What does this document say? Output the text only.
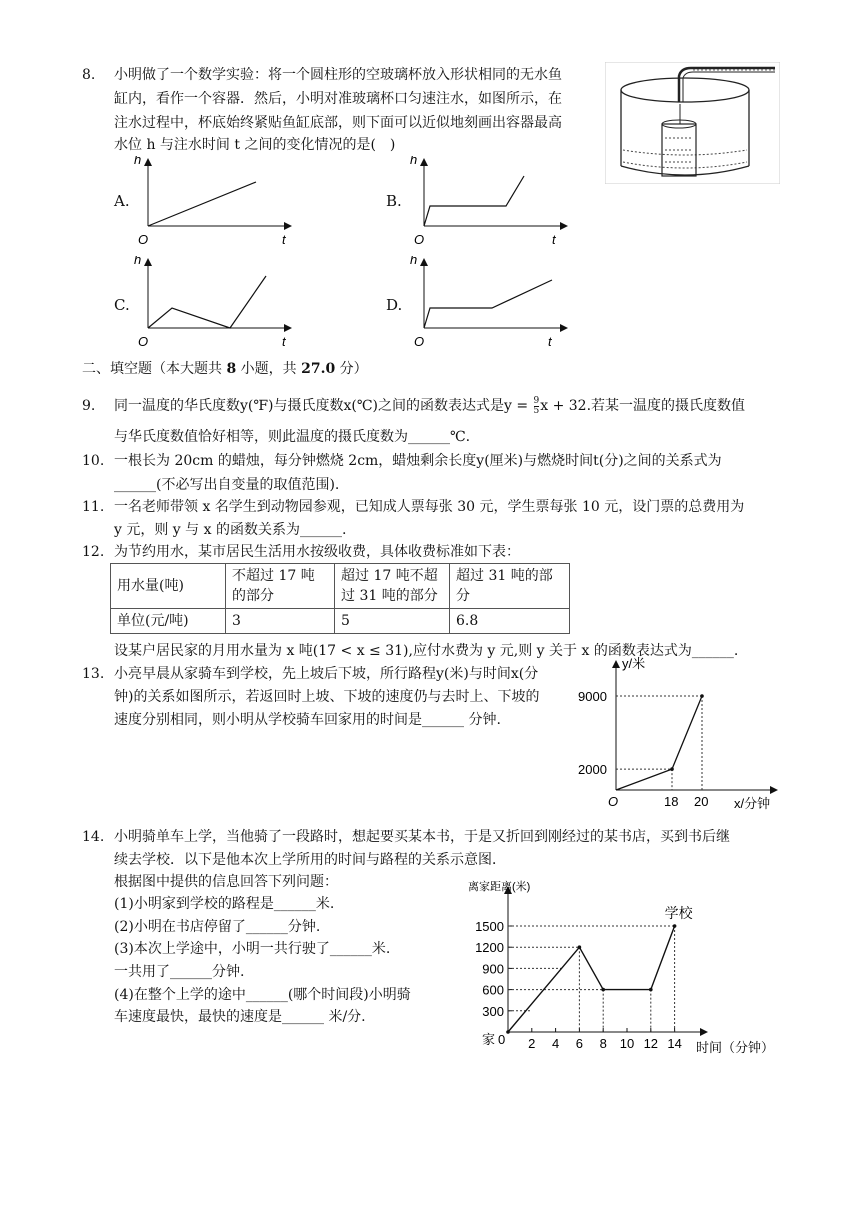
8. 小明做了一个数学实验：将一个圆柱形的空玻璃杯放入形状相同的无水鱼
缸内，看作一个容器．然后，小明对准玻璃杯口匀速注水，如图所示，在
注水过程中，杯底始终紧贴鱼缸底部，则下面可以近似地刻画出容器最高
水位 h 与注水时间 t 之间的变化情况的是(　)
A.
h
t
O
B.
h
t
O
C.
h
t
O
D.
h
t
O
二、填空题（本大题共 8 小题，共 27.0 分）
9. 同一温度的华氏度数y(℉)与摄氏度数x(℃)之间的函数表达式是$y = \frac{9}{5}$ x + 32.若某一温度的摄氏度数值
与华氏度数值恰好相等，则此温度的摄氏度数为______℃.
10. 一根长为 20cm 的蜡烛，每分钟燃烧 2cm，蜡烛剩余长度y(厘米)与燃烧时间t(分)之间的关系式为
______(不必写出自变量的取值范围).
11. 一名老师带领 x 名学生到动物园参观，已知成人票每张 30 元，学生票每张 10 元，设门票的总费用为
y 元，则 y 与 x 的函数关系为______.
12. 为节约用水，某市居民生活用水按级收费，具体收费标准如下表：
用水量(吨)	不超过 17 吨的部分	超过 17 吨不超过 31 吨的部分	超过 31 吨的部分
单位(元/吨)	3	5	6.8
设某户居民家的月用水量为 x 吨(17 < x ≤ 31),应付水费为 y 元,则 y 关于 x 的函数表达式为______.
13. 小亮早晨从家骑车到学校，先上坡后下坡，所行路程y(米)与时间x(分
钟)的关系如图所示，若返回时上坡、下坡的速度仍与去时上、下坡的
速度分别相同，则小明从学校骑车回家用的时间是______ 分钟.
y/米
x/分钟
O	18 20
2000
9000
14. 小明骑单车上学，当他骑了一段路时，想起要买某本书，于是又折回到刚经过的某书店，买到书后继
续去学校．以下是他本次上学所用的时间与路程的关系示意图．
根据图中提供的信息回答下列问题：
(1)小明家到学校的路程是______米.
(2)小明在书店停留了______分钟.
(3)本次上学途中，小明一共行驶了______米.
一共用了______分钟.
(4)在整个上学的途中______(哪个时间段)小明骑
车速度最快，最快的速度是______ 米/分.
离家距离(米)
时间（分钟）
家 0
300
600
900
1200
1500
2 4 6 8 10 12 14
学校
